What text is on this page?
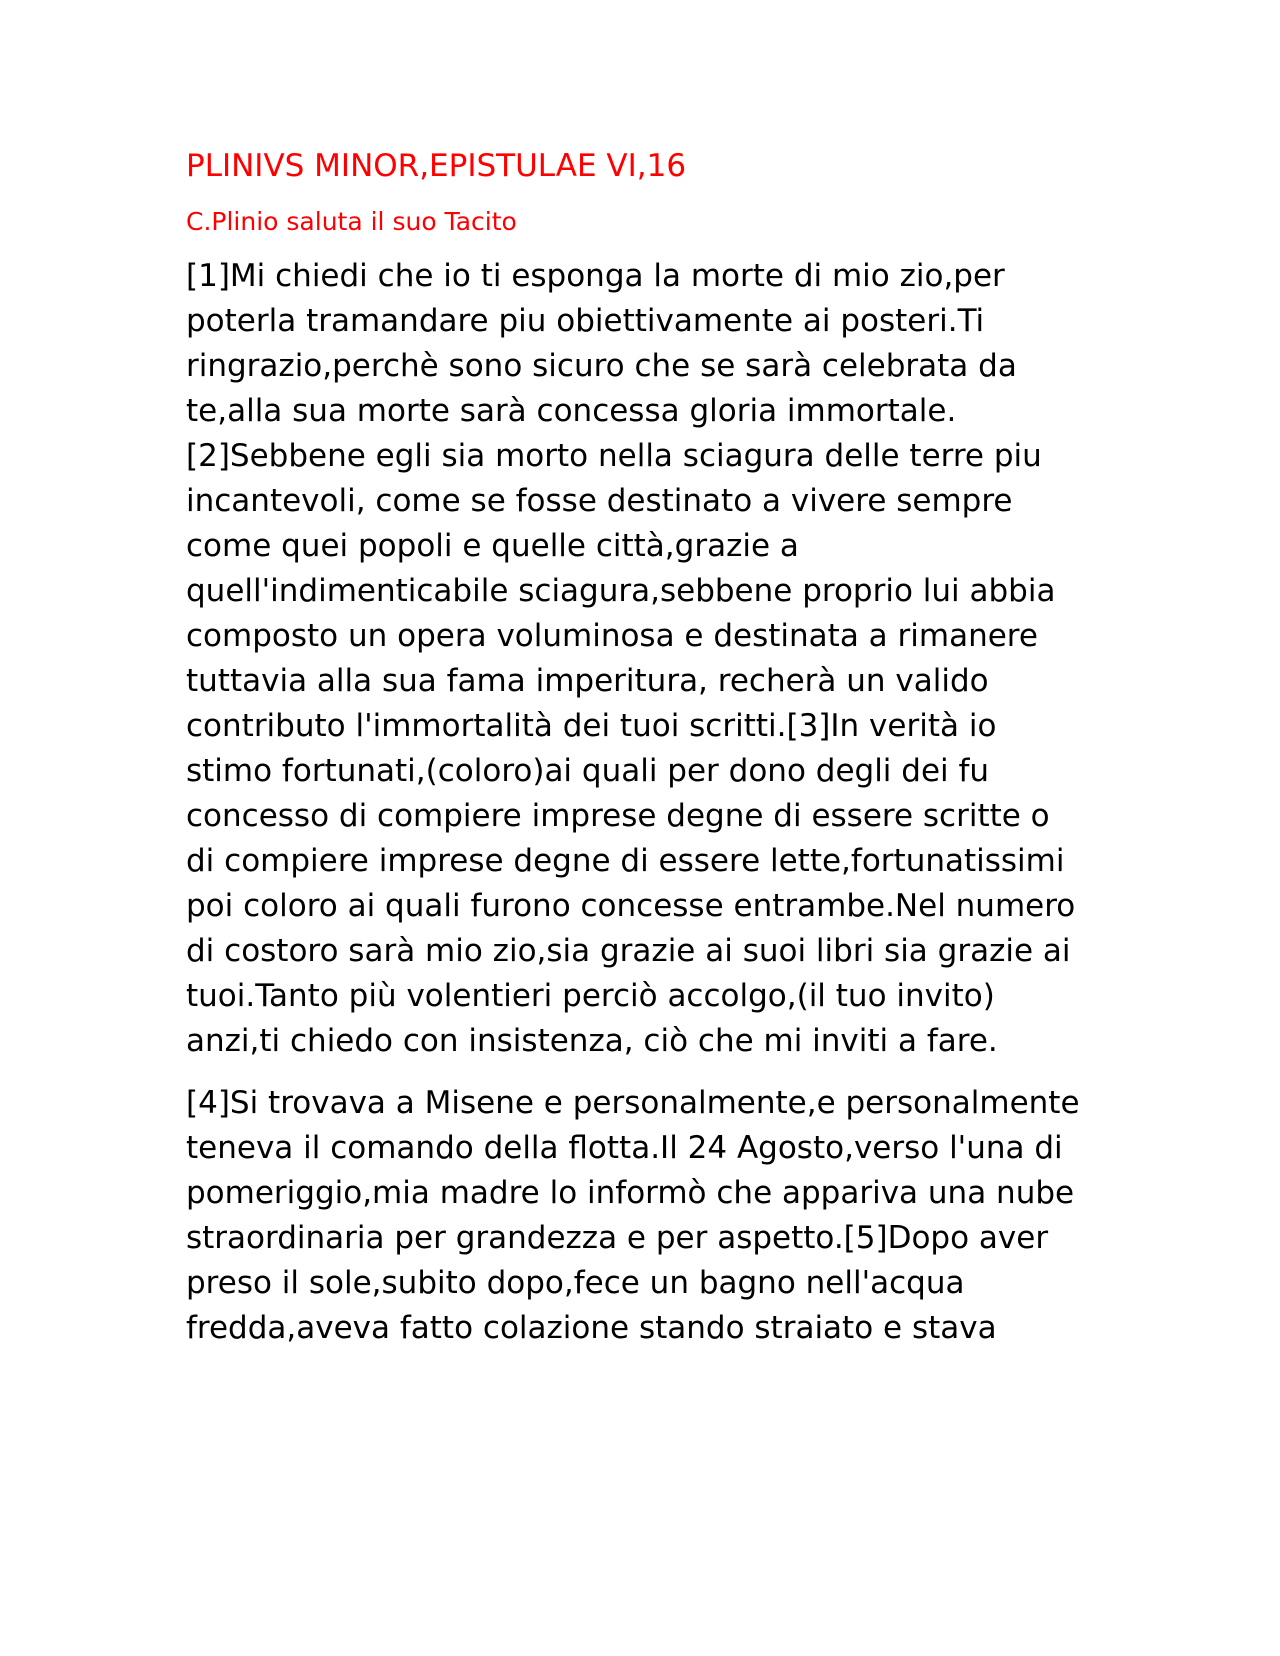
PLINIVS MINOR,EPISTULAE VI,16
C.Plinio saluta il suo Tacito

[1]Mi chiedi che io ti esponga la morte di mio zio,per poterla tramandare piu obiettivamente ai posteri.Ti ringrazio,perchè sono sicuro che se sarà celebrata da te,alla sua morte sarà concessa gloria immortale.[2]Sebbene egli sia morto nella sciagura delle terre piu incantevoli, come se fosse destinato a vivere sempre come quei popoli e quelle città,grazie a quell'indimenticabile sciagura,sebbene proprio lui abbia composto un opera voluminosa e destinata a rimanere tuttavia alla sua fama imperitura, recherà un valido contributo l'immortalità dei tuoi scritti.[3]In verità io stimo fortunati,(coloro)ai quali per dono degli dei fu concesso di compiere imprese degne di essere scritte o di compiere imprese degne di essere lette,fortunatissimi poi coloro ai quali furono concesse entrambe.Nel numero di costoro sarà mio zio,sia grazie ai suoi libri sia grazie ai tuoi.Tanto più volentieri perciò accolgo,(il tuo invito) anzi,ti chiedo con insistenza, ciò che mi inviti a fare.

[4]Si trovava a Misene e personalmente,e personalmente teneva il comando della flotta.Il 24 Agosto,verso l'una di pomeriggio,mia madre lo informò che appariva una nube straordinaria per grandezza e per aspetto.[5]Dopo aver preso il sole,subito dopo,fece un bagno nell'acqua fredda,aveva fatto colazione stando straiato e stava
